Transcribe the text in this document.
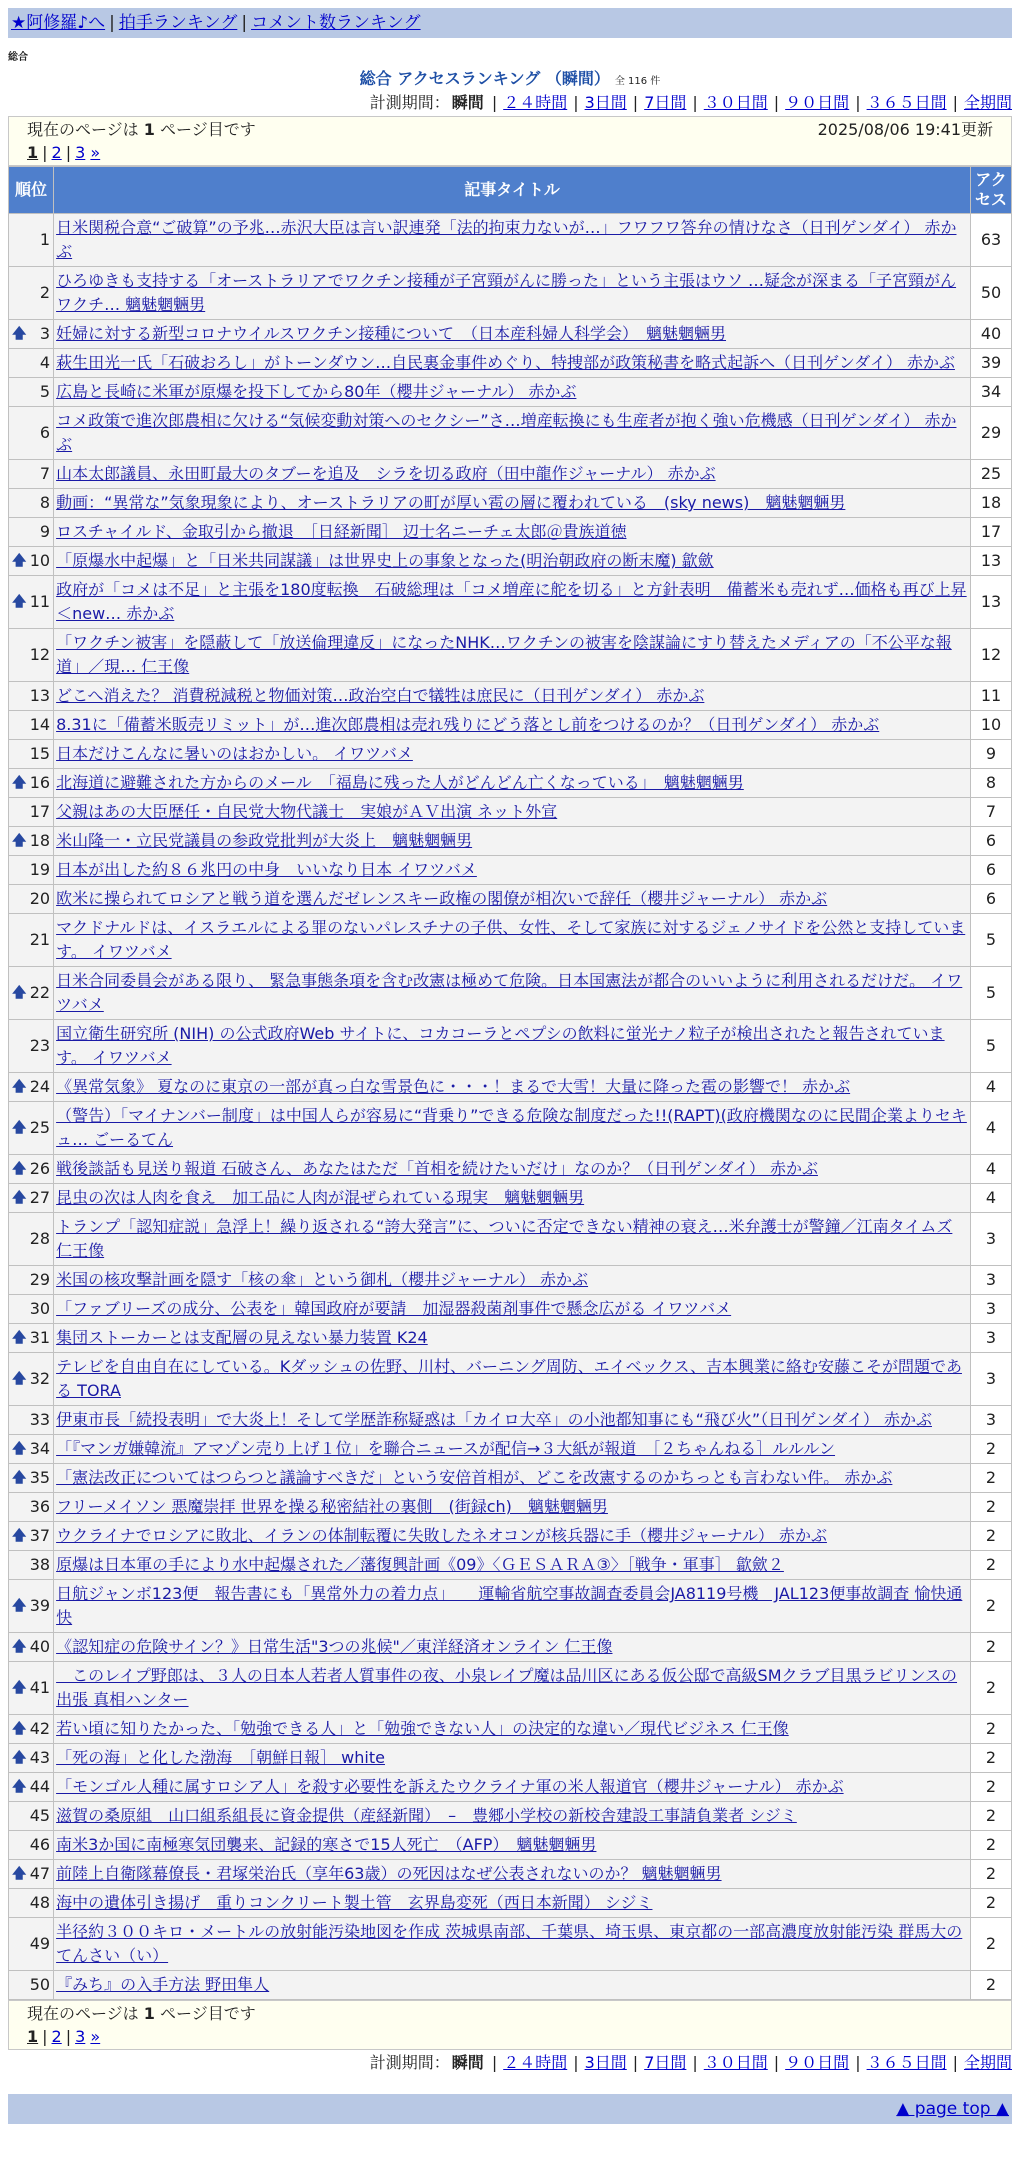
★阿修羅♪へ | 拍手ランキング | コメント数ランキング
総合
総合 アクセスランキング （瞬間） 全 116 件
計測期間： 瞬間 | ２４時間 | 3日間 | 7日間 | ３０日間 | ９０日間 | ３６５日間 | 全期間
現在のページは 1 ページ目です	2025/08/06 19:41更新
1 | 2 | 3 »
順位	記事タイトル	アクセス
1	日米関税合意“ご破算”の予兆…赤沢大臣は言い訳連発「法的拘束力ないが…」フワフワ答弁の情けなさ（日刊ゲンダイ） 赤かぶ	63
2	ひろゆきも支持する「オーストラリアでワクチン接種が子宮頸がんに勝った」という主張はウソ …疑念が深まる「子宮頸がんワクチ… 魑魅魍魎男	50

🡅 3	妊婦に対する新型コロナウイルスワクチン接種について　（日本産科婦人科学会）　魑魅魍魎男	40
4	萩生田光一氏「石破おろし」がトーンダウン…自民裏金事件めぐり、特捜部が政策秘書を略式起訴へ（日刊ゲンダイ） 赤かぶ	39
5	広島と長崎に米軍が原爆を投下してから80年（櫻井ジャーナル） 赤かぶ	34
6	コメ政策で進次郎農相に欠ける“気候変動対策へのセクシー”さ…増産転換にも生産者が抱く強い危機感（日刊ゲンダイ） 赤かぶ	29
7	山本太郎議員、永田町最大のタブーを追及　シラを切る政府（田中龍作ジャーナル） 赤かぶ	25
8	動画：“異常な”気象現象により、オーストラリアの町が厚い雹の層に覆われている　(sky news)　魑魅魍魎男	18
9	ロスチャイルド、金取引から撤退　［日経新聞］ 辺士名ニーチェ太郎＠貴族道徳	17

🡅 10	「原爆水中起爆」と「日米共同謀議」は世界史上の事象となった(明治朝政府の断末魔) 歙歛	13

🡅 11	政府が「コメは不足」と主張を180度転換　石破総理は「コメ増産に舵を切る」と方針表明　備蓄米も売れず…価格も再び上昇＜new… 赤かぶ	13
12	「ワクチン被害」を隠蔽して「放送倫理違反」になったNHK…ワクチンの被害を陰謀論にすり替えたメディアの「不公平な報道」／現… 仁王像	12
13	どこへ消えた？ 消費税減税と物価対策…政治空白で犠牲は庶民に（日刊ゲンダイ） 赤かぶ	11
14	8.31に「備蓄米販売リミット」が…進次郎農相は売れ残りにどう落とし前をつけるのか？（日刊ゲンダイ） 赤かぶ	10
15	日本だけこんなに暑いのはおかしい。 イワツバメ	9

🡅 16	北海道に避難された方からのメール　「福島に残った人がどんどん亡くなっている」　魑魅魍魎男	8
17	父親はあの大臣歴任・自民党大物代議士　実娘がＡＶ出演 ネット外宣	7

🡅 18	米山隆一・立民党議員の参政党批判が大炎上　魑魅魍魎男	6
19	日本が出した約８６兆円の中身　いいなり日本 イワツバメ	6
20	欧米に操られてロシアと戦う道を選んだゼレンスキー政権の閣僚が相次いで辞任（櫻井ジャーナル） 赤かぶ	6
21	マクドナルドは、イスラエルによる罪のないパレスチナの子供、女性、そして家族に対するジェノサイドを公然と支持しています。 イワツバメ	5

🡅 22	日米合同委員会がある限り、 緊急事態条項を含む改憲は極めて危険。日本国憲法が都合のいいように利用されるだけだ。 イワツバメ	5
23	国立衛生研究所 (NIH) の公式政府Web サイトに、コカコーラとペプシの飲料に蛍光ナノ粒子が検出されたと報告されています。 イワツバメ	5

🡅 24	《異常気象》 夏なのに東京の一部が真っ白な雪景色に・・・！まるで大雪！大量に降った雹の影響で！ 赤かぶ	4

🡅 25	（警告）「マイナンバー制度」は中国人らが容易に“背乗り”できる危険な制度だった!!(RAPT)(政府機関なのに民間企業よりセキュ… ごーるてん	4

🡅 26	戦後談話も見送り報道 石破さん、あなたはただ「首相を続けたいだけ」なのか？（日刊ゲンダイ） 赤かぶ	4

🡅 27	昆虫の次は人肉を食え　加工品に人肉が混ぜられている現実　魑魅魍魎男	4
28	トランプ「認知症説」急浮上！繰り返される“誇大発言”に、ついに否定できない精神の衰え…米弁護士が警鐘／江南タイムズ 仁王像	3
29	米国の核攻撃計画を隠す「核の傘」という御札（櫻井ジャーナル） 赤かぶ	3
30	「ファブリーズの成分、公表を」韓国政府が要請　加湿器殺菌剤事件で懸念広がる イワツバメ	3

🡅 31	集団ストーカーとは支配層の見えない暴力装置 K24	3

🡅 32	テレビを自由自在にしている。Kダッシュの佐野、川村、バーニング周防、エイベックス、吉本興業に絡む安藤こそが問題である TORA	3
33	伊東市長「続投表明」で大炎上！そして学歴詐称疑惑は「カイロ大卒」の小池都知事にも“飛び火”（日刊ゲンダイ） 赤かぶ	3

🡅 34	「『マンガ嫌韓流』アマゾン売り上げ１位」を聯合ニュースが配信→３大紙が報道　［２ちゃんねる］ルルルン	2

🡅 35	「憲法改正についてはつらつと議論すべきだ」という安倍首相が、どこを改憲するのかちっとも言わない件。 赤かぶ	2
36	フリーメイソン 悪魔崇拝 世界を操る秘密結社の裏側　(街録ch)　魑魅魍魎男	2

🡅 37	ウクライナでロシアに敗北、イランの体制転覆に失敗したネオコンが核兵器に手（櫻井ジャーナル） 赤かぶ	2
38	原爆は日本軍の手により水中起爆された／藩復興計画《09》〈ＧＥＳＡＲＡ③〉［戦争・軍事］ 歙歛２	2

🡅 39	日航ジャンボ123便　報告書にも「異常外力の着力点」　　運輸省航空事故調査委員会JA8119号機　JAL123便事故調査 愉快通快	2

🡅 40	《認知症の危険サイン？》日常生活"3つの兆候"／東洋経済オンライン 仁王像	2

🡅 41	　このレイプ野郎は、３人の日本人若者人質事件の夜、小泉レイプ魔は品川区にある仮公邸で高級SMクラブ目黒ラビリンスの出張 真相ハンター	2

🡅 42	若い頃に知りたかった、「勉強できる人」と「勉強できない人」の決定的な違い／現代ビジネス 仁王像	2

🡅 43	「死の海」と化した渤海　［朝鮮日報］ white	2

🡅 44	「モンゴル人種に属すロシア人」を殺す必要性を訴えたウクライナ軍の米人報道官（櫻井ジャーナル） 赤かぶ	2
45	滋賀の桑原組　山口組系組長に資金提供（産経新聞）　–　豊郷小学校の新校舎建設工事請負業者 シジミ	2
46	南米3か国に南極寒気団襲来、記録的寒さで15人死亡　（AFP）　魑魅魍魎男	2

🡅 47	前陸上自衛隊幕僚長・君塚栄治氏（享年63歳）の死因はなぜ公表されないのか？ 魑魅魍魎男	2
48	海中の遺体引き揚げ　重りコンクリート製土管　玄界島変死（西日本新聞） シジミ	2
49	半径約３００キロ・メートルの放射能汚染地図を作成 茨城県南部、千葉県、埼玉県、東京都の一部高濃度放射能汚染 群馬大のてんさい（い）	2
50	『みち』の入手方法 野田隼人	2
現在のページは 1 ページ目です
1 | 2 | 3 »
計測期間： 瞬間 | ２４時間 | 3日間 | 7日間 | ３０日間 | ９０日間 | ３６５日間 | 全期間
▲ page top ▲
